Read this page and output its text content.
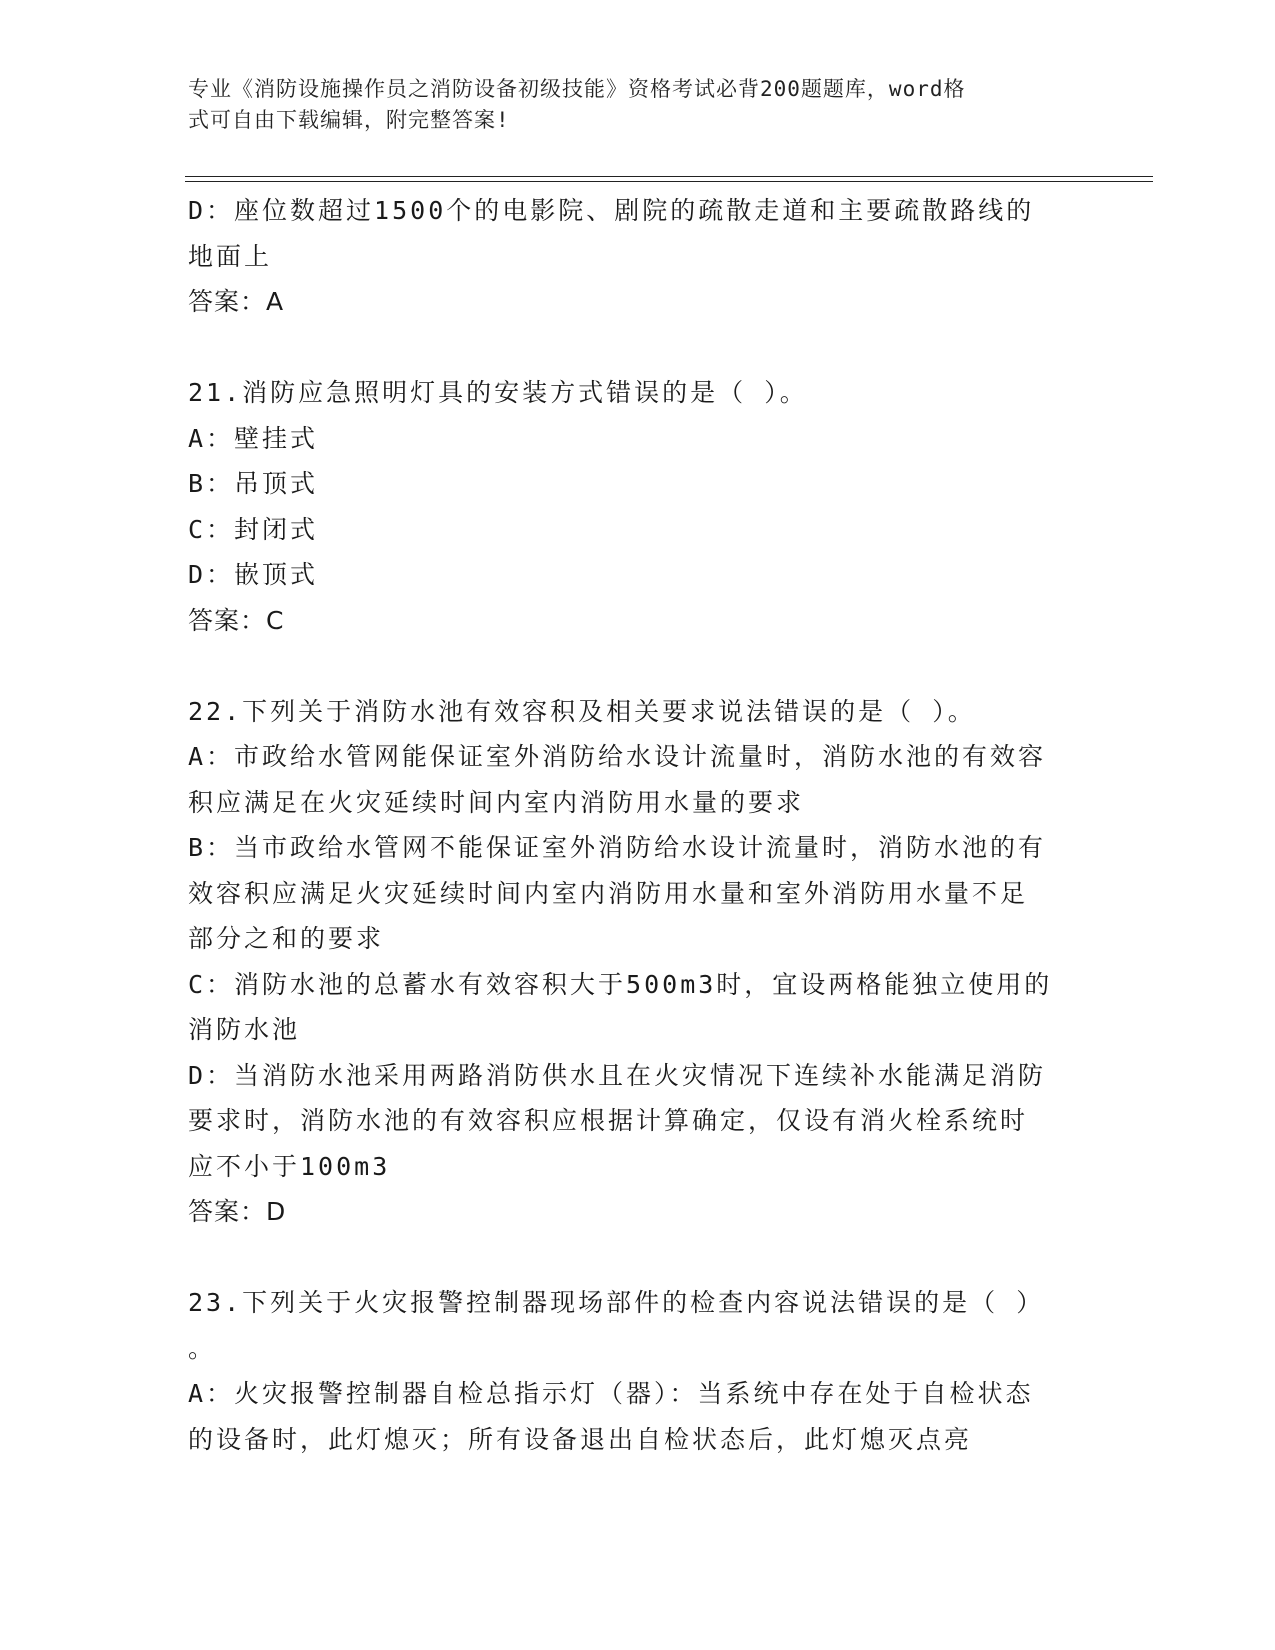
专业《消防设施操作员之消防设备初级技能》资格考试必背200题题库，word格
式可自由下载编辑，附完整答案!
D：座位数超过1500个的电影院、剧院的疏散走道和主要疏散路线的
地面上
答案：A
21.消防应急照明灯具的安装方式错误的是（ ）。
A：壁挂式
B：吊顶式
C：封闭式
D：嵌顶式
答案：C
22.下列关于消防水池有效容积及相关要求说法错误的是（ ）。
A：市政给水管网能保证室外消防给水设计流量时，消防水池的有效容
积应满足在火灾延续时间内室内消防用水量的要求
B：当市政给水管网不能保证室外消防给水设计流量时，消防水池的有
效容积应满足火灾延续时间内室内消防用水量和室外消防用水量不足
部分之和的要求
C：消防水池的总蓄水有效容积大于500m3时，宜设两格能独立使用的
消防水池
D：当消防水池采用两路消防供水且在火灾情况下连续补水能满足消防
要求时，消防水池的有效容积应根据计算确定，仅设有消火栓系统时
应不小于100m3
答案：D
23.下列关于火灾报警控制器现场部件的检查内容说法错误的是（ ）
。
A：火灾报警控制器自检总指示灯（器）：当系统中存在处于自检状态
的设备时，此灯熄灭；所有设备退出自检状态后，此灯熄灭点亮
